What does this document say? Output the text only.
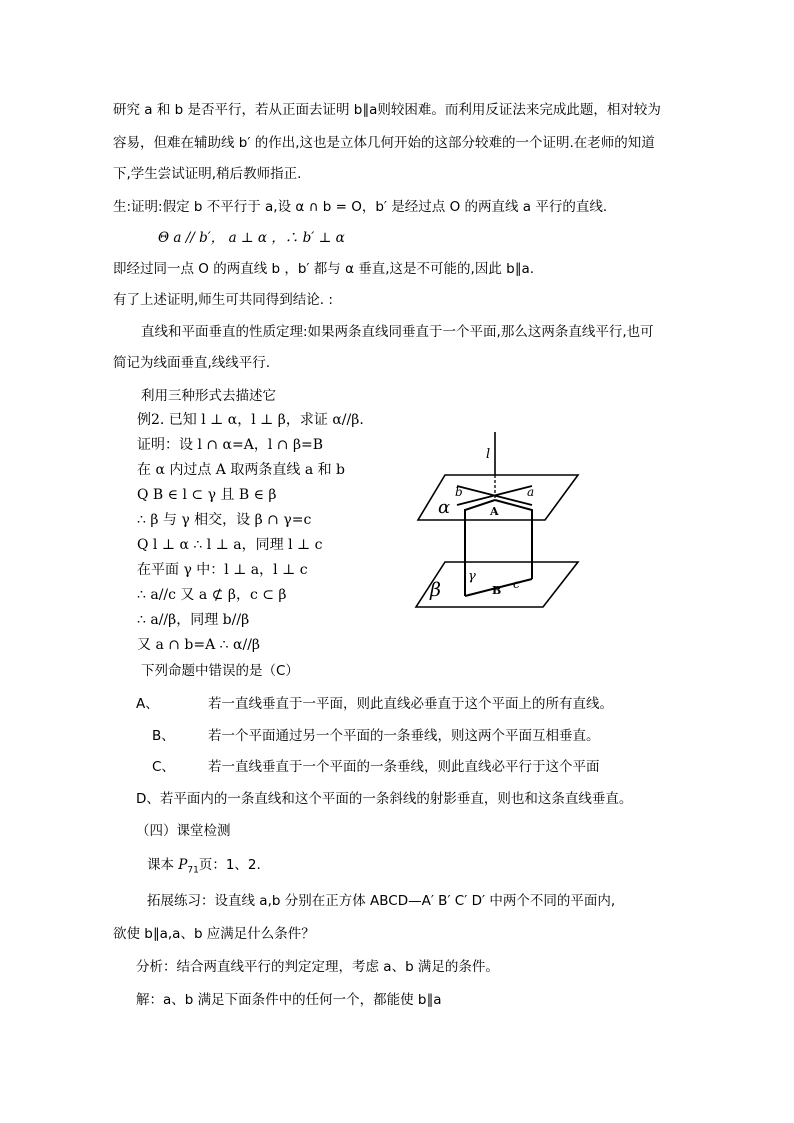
研究 a 和 b 是否平行，若从正面去证明 b∥a则较困难。而利用反证法来完成此题，相对较为
容易，但难在辅助线 b′ 的作出,这也是立体几何开始的这部分较难的一个证明.在老师的知道
下,学生尝试证明,稍后教师指正.
生:证明:假定 b 不平行于 a,设 α ∩ b = O，b′ 是经过点 O 的两直线 a 平行的直线.
Θ a // b′， a ⊥ α ，∴ b′ ⊥ α
即经过同一点 O 的两直线 b ，b′ 都与 α 垂直,这是不可能的,因此 b∥a.
有了上述证明,师生可共同得到结论. :
直线和平面垂直的性质定理:如果两条直线同垂直于一个平面,那么这两条直线平行,也可
简记为线面垂直,线线平行.
利用三种形式去描述它
例2. 已知 l ⊥ α，l ⊥ β，求证 α//β.
证明：设 l ∩ α=A，l ∩ β=B
在 α 内过点 A 取两条直线 a 和 b
Q B ∈ l ⊂ γ 且 B ∈ β
∴ β 与 γ 相交，设 β ∩ γ=c
Q l ⊥ α ∴ l ⊥ a，同理 l ⊥ c
在平面 γ 中：l ⊥ a，l ⊥ c
∴ a//c 又 a ⊄ β，c ⊂ β
∴ a//β，同理 b//β
又 a ∩ b=A ∴ α//β
l
α
β
γ
a
b
c
A
B
下列命题中错误的是（C）
A、	若一直线垂直于一平面，则此直线必垂直于这个平面上的所有直线。
B、 若一个平面通过另一个平面的一条垂线，则这两个平面互相垂直。
C、 若一直线垂直于一个平面的一条垂线，则此直线必平行于这个平面
D、若平面内的一条直线和这个平面的一条斜线的射影垂直，则也和这条直线垂直。
（四）课堂检测
课本 $P_{71}$页：1、2.
拓展练习：设直线 a,b 分别在正方体 ABCD—A′ B′ C′ D′ 中两个不同的平面内,
欲使 b∥a,a、b 应满足什么条件？
分析：结合两直线平行的判定定理，考虑 a、b 满足的条件。
解：a、b 满足下面条件中的任何一个，都能使 b∥a
